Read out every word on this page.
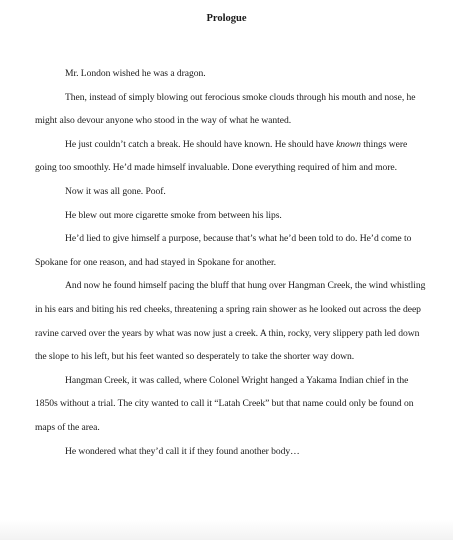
Prologue

Mr. London wished he was a dragon.

Then, instead of simply blowing out ferocious smoke clouds through his mouth and nose, he might also devour anyone who stood in the way of what he wanted.

He just couldn’t catch a break. He should have known. He should have known things were going too smoothly. He’d made himself invaluable. Done everything required of him and more.

Now it was all gone. Poof.

He blew out more cigarette smoke from between his lips.

He’d lied to give himself a purpose, because that’s what he’d been told to do. He’d come to Spokane for one reason, and had stayed in Spokane for another.

And now he found himself pacing the bluff that hung over Hangman Creek, the wind whistling in his ears and biting his red cheeks, threatening a spring rain shower as he looked out across the deep ravine carved over the years by what was now just a creek. A thin, rocky, very slippery path led down the slope to his left, but his feet wanted so desperately to take the shorter way down.

Hangman Creek, it was called, where Colonel Wright hanged a Yakama Indian chief in the 1850s without a trial. The city wanted to call it “Latah Creek” but that name could only be found on maps of the area.

He wondered what they’d call it if they found another body…
